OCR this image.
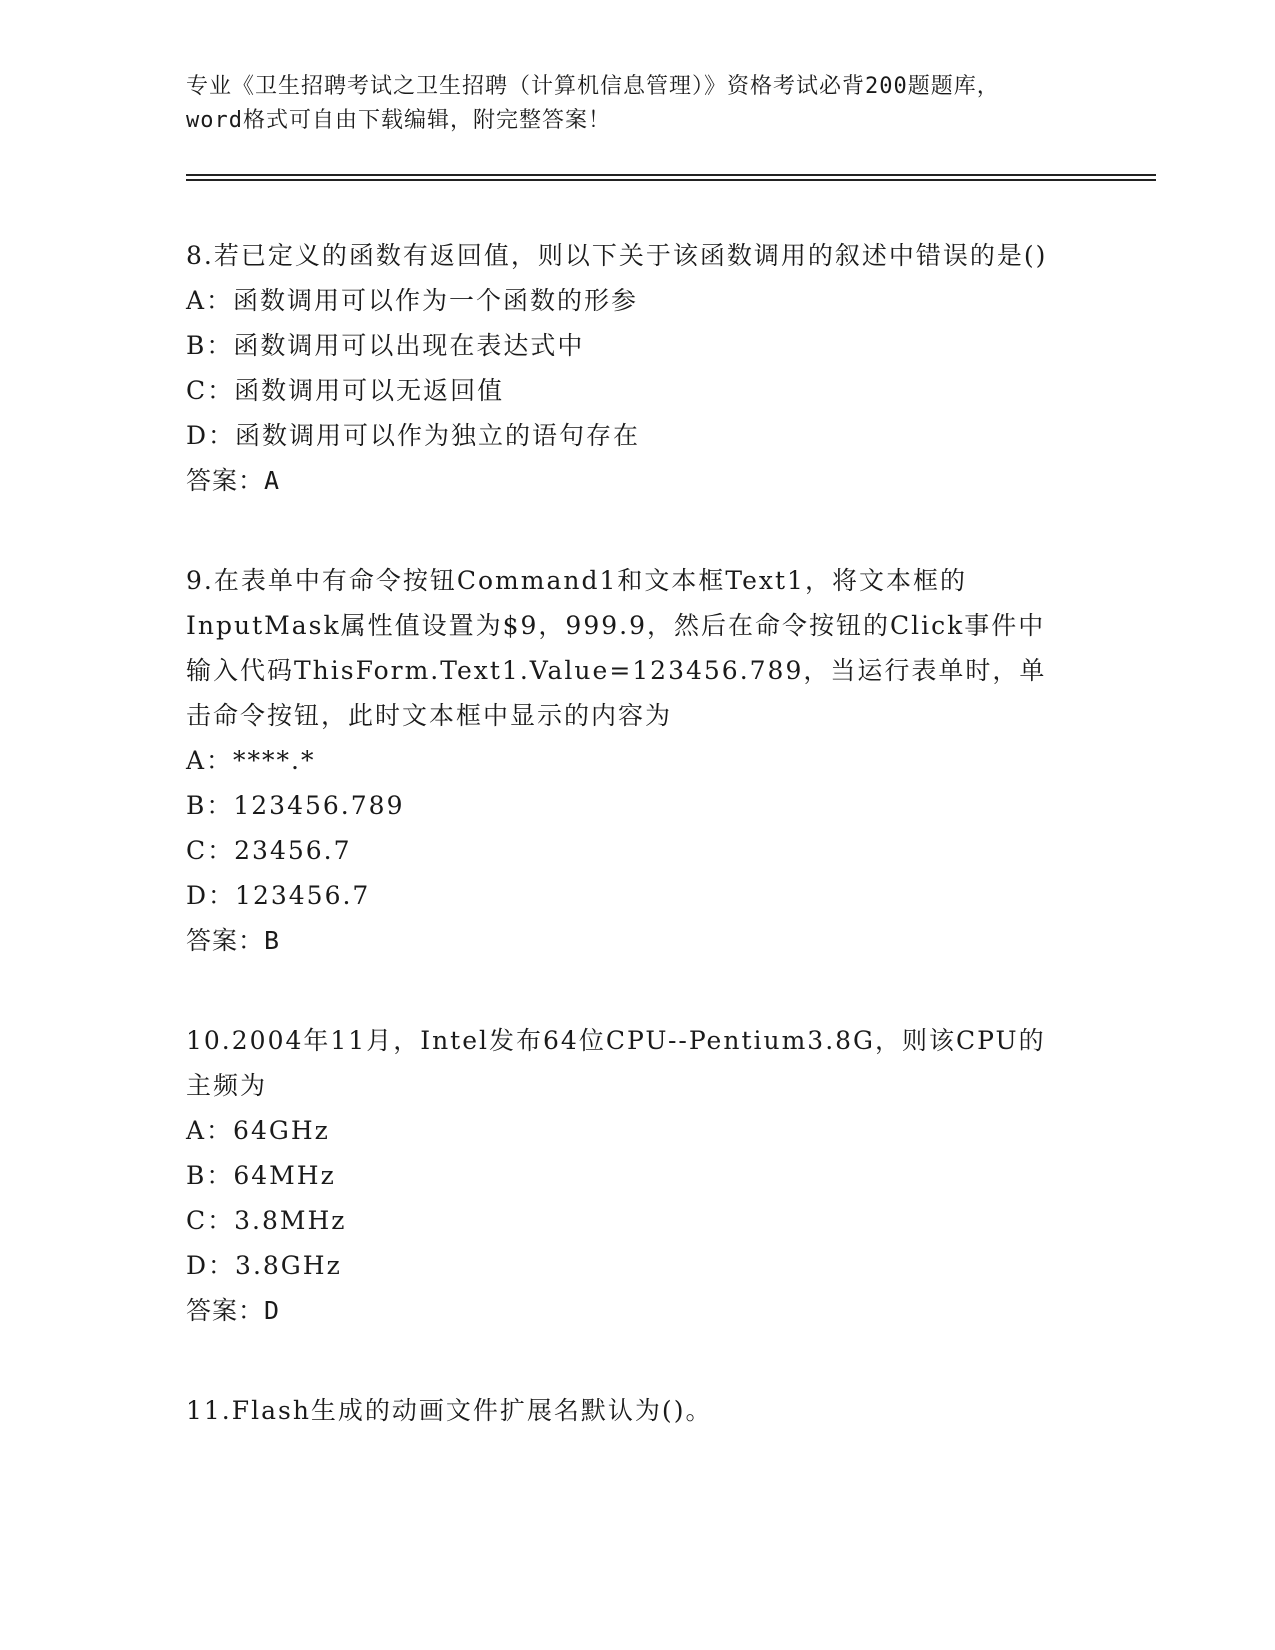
专业《卫生招聘考试之卫生招聘（计算机信息管理）》资格考试必背200题题库，
word格式可自由下载编辑，附完整答案！
8.若已定义的函数有返回值，则以下关于该函数调用的叙述中错误的是()
A：函数调用可以作为一个函数的形参
B：函数调用可以出现在表达式中
C：函数调用可以无返回值
D：函数调用可以作为独立的语句存在
答案：A
9.在表单中有命令按钮Command1和文本框Text1，将文本框的InputMask属性值设置为$9，999.9，然后在命令按钮的Click事件中输入代码ThisForm.Text1.Value=123456.789，当运行表单时，单击命令按钮，此时文本框中显示的内容为
A：****.*
B：123456.789
C：23456.7
D：123456.7
答案：B
10.2004年11月，Intel发布64位CPU--Pentium3.8G，则该CPU的主频为
A：64GHz
B：64MHz
C：3.8MHz
D：3.8GHz
答案：D
11.Flash生成的动画文件扩展名默认为()。
